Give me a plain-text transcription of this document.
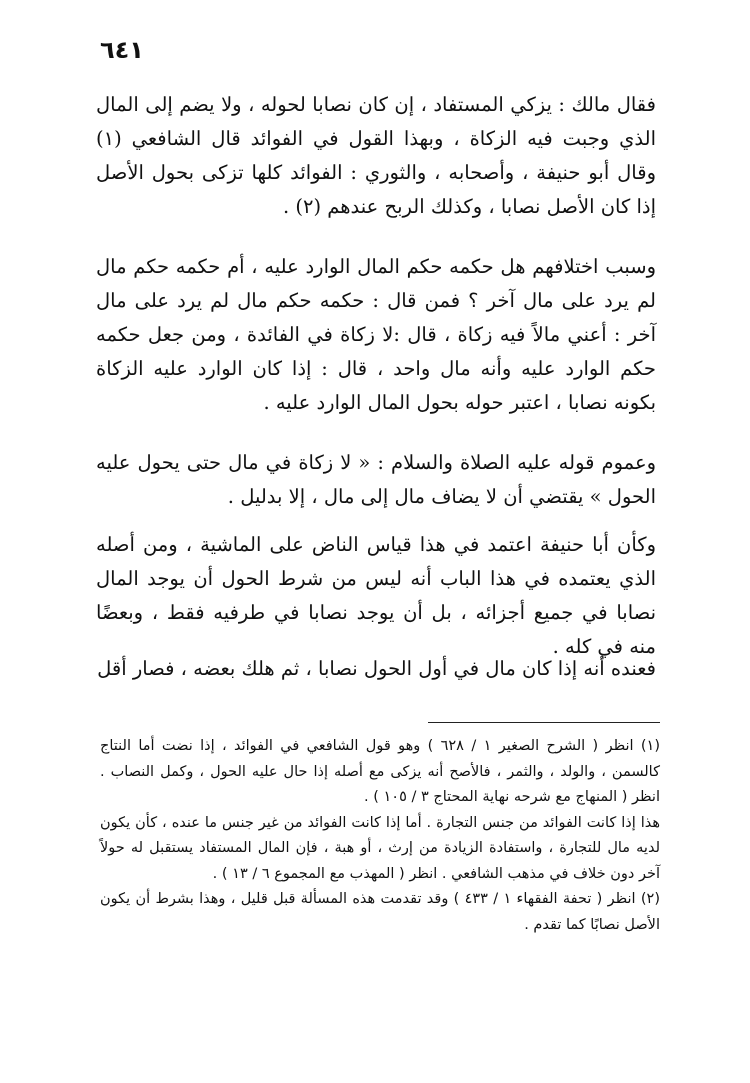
٦٤١

فقال مالك : يزكي المستفاد ، إن كان نصابا لحوله ، ولا يضم إلى المال الذي وجبت فيه الزكاة ، وبهذا القول في الفوائد قال الشافعي (١) وقال أبو حنيفة ، وأصحابه ، والثوري : الفوائد كلها تزكى بحول الأصل إذا كان الأصل نصابا ، وكذلك الربح عندهم (٢) .

وسبب اختلافهم هل حكمه حكم المال الوارد عليه ، أم حكمه حكم مال لم يرد على مال آخر ؟ فمن قال : حكمه حكم مال لم يرد على مال آخر : أعني مالاً فيه زكاة ، قال :لا زكاة في الفائدة ، ومن جعل حكمه حكم الوارد عليه وأنه مال واحد ، قال : إذا كان الوارد عليه الزكاة بكونه نصابا ، اعتبر حوله بحول المال الوارد عليه .

وعموم قوله عليه الصلاة والسلام : « لا زكاة في مال حتى يحول عليه الحول » يقتضي أن لا يضاف مال إلى مال ، إلا بدليل .

وكأن أبا حنيفة اعتمد في هذا قياس الناض على الماشية ، ومن أصله الذي يعتمده في هذا الباب أنه ليس من شرط الحول أن يوجد المال نصابا في جميع أجزائه ، بل أن يوجد نصابا في طرفيه فقط ، وبعضًا منه في كله .

فعنده أنه إذا كان مال في أول الحول نصابا ، ثم هلك بعضه ، فصار أقل

(١) انظر ( الشرح الصغير ١ / ٦٢٨ ) وهو قول الشافعي في الفوائد ، إذا نضت أما النتاج كالسمن ، والولد ، والثمر ، فالأصح أنه يزكى مع أصله إذا حال عليه الحول ، وكمل النصاب . انظر ( المنهاج مع شرحه نهاية المحتاج ٣ / ١٠٥ ) .

هذا إذا كانت الفوائد من جنس التجارة . أما إذا كانت الفوائد من غير جنس ما عنده ، كأن يكون لديه مال للتجارة ، واستفادة الزيادة من إرث ، أو هبة ، فإن المال المستفاد يستقبل له حولاً آخر دون خلاف في مذهب الشافعي . انظر ( المهذب مع المجموع ٦ / ١٣ ) .

(٢) انظر ( تحفة الفقهاء ١ / ٤٣٣ ) وقد تقدمت هذه المسألة قبل قليل ، وهذا بشرط أن يكون الأصل نصابًا كما تقدم .
